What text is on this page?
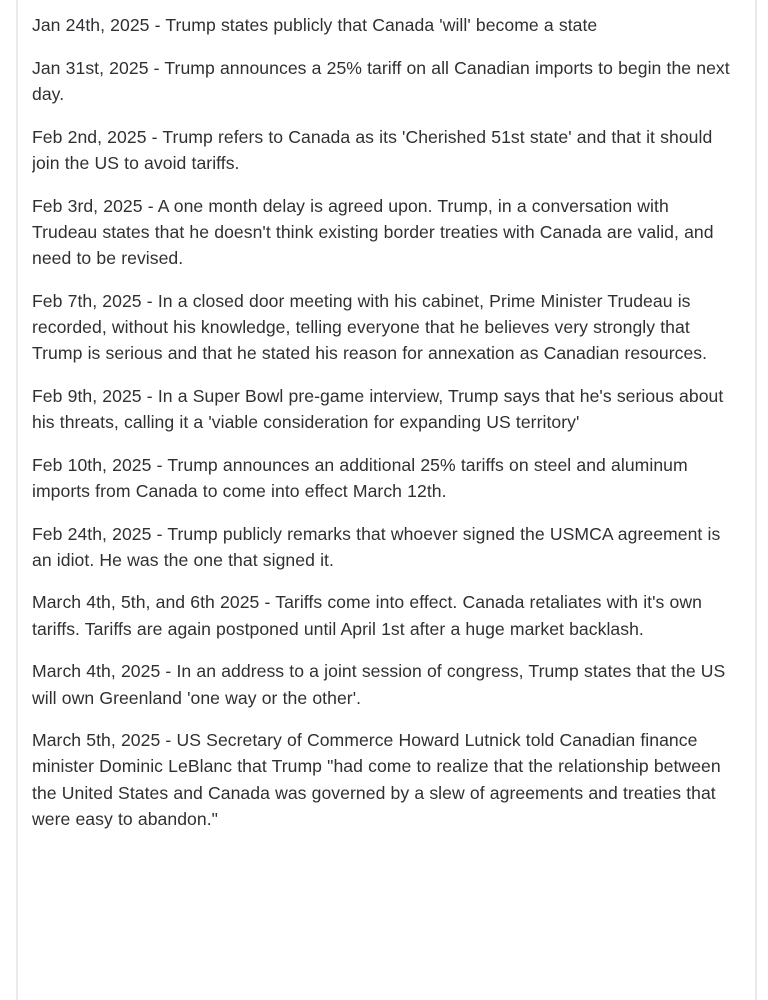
Jan 24th, 2025 - Trump states publicly that Canada 'will' become a state

Jan 31st, 2025 - Trump announces a 25% tariff on all Canadian imports to begin the next day.

Feb 2nd, 2025 - Trump refers to Canada as its 'Cherished 51st state' and that it should join the US to avoid tariffs.

Feb 3rd, 2025 - A one month delay is agreed upon. Trump, in a conversation with Trudeau states that he doesn't think existing border treaties with Canada are valid, and need to be revised.

Feb 7th, 2025 - In a closed door meeting with his cabinet, Prime Minister Trudeau is recorded, without his knowledge, telling everyone that he believes very strongly that Trump is serious and that he stated his reason for annexation as Canadian resources.

Feb 9th, 2025 - In a Super Bowl pre-game interview, Trump says that he's serious about his threats, calling it a 'viable consideration for expanding US territory'

Feb 10th, 2025 - Trump announces an additional 25% tariffs on steel and aluminum imports from Canada to come into effect March 12th.

Feb 24th, 2025 - Trump publicly remarks that whoever signed the USMCA agreement is an idiot. He was the one that signed it.

March 4th, 5th, and 6th 2025 - Tariffs come into effect. Canada retaliates with it's own tariffs. Tariffs are again postponed until April 1st after a huge market backlash.

March 4th, 2025 - In an address to a joint session of congress, Trump states that the US will own Greenland 'one way or the other'.

March 5th, 2025 - US Secretary of Commerce Howard Lutnick told Canadian finance minister Dominic LeBlanc that Trump "had come to realize that the relationship between the United States and Canada was governed by a slew of agreements and treaties that were easy to abandon."
